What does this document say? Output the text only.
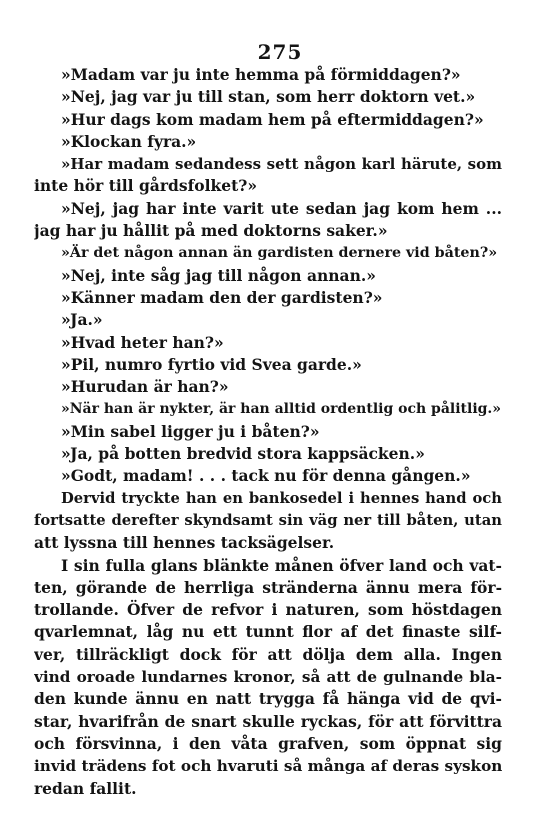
275
»Madam var ju inte hemma på förmiddagen?»
»Nej, jag var ju till stan, som herr doktorn vet.»
»Hur dags kom madam hem på eftermiddagen?»
»Klockan fyra.»
»Har madam sedandess sett någon karl härute, som
inte hör till gårdsfolket?»
»Nej, jag har inte varit ute sedan jag kom hem ...
jag har ju hållit på med doktorns saker.»
»Är det någon annan än gardisten dernere vid båten?»
»Nej, inte såg jag till någon annan.»
»Känner madam den der gardisten?»
»Ja.»
»Hvad heter han?»
»Pil, numro fyrtio vid Svea garde.»
»Hurudan är han?»
»När han är nykter, är han alltid ordentlig och pålitlig.»
»Min sabel ligger ju i båten?»
»Ja, på botten bredvid stora kappsäcken.»
»Godt, madam! . . . tack nu för denna gången.»
Dervid tryckte han en bankosedel i hennes hand och
fortsatte derefter skyndsamt sin väg ner till båten, utan
att lyssna till hennes tacksägelser.
I sin fulla glans blänkte månen öfver land och vat-
ten, görande de herrliga stränderna ännu mera för-
trollande. Öfver de refvor i naturen, som höstdagen
qvarlemnat, låg nu ett tunnt flor af det finaste silf-
ver, tillräckligt dock för att dölja dem alla. Ingen
vind oroade lundarnes kronor, så att de gulnande bla-
den kunde ännu en natt trygga få hänga vid de qvi-
star, hvarifrån de snart skulle ryckas, för att förvittra
och försvinna, i den våta grafven, som öppnat sig
invid trädens fot och hvaruti så många af deras syskon
redan fallit.
